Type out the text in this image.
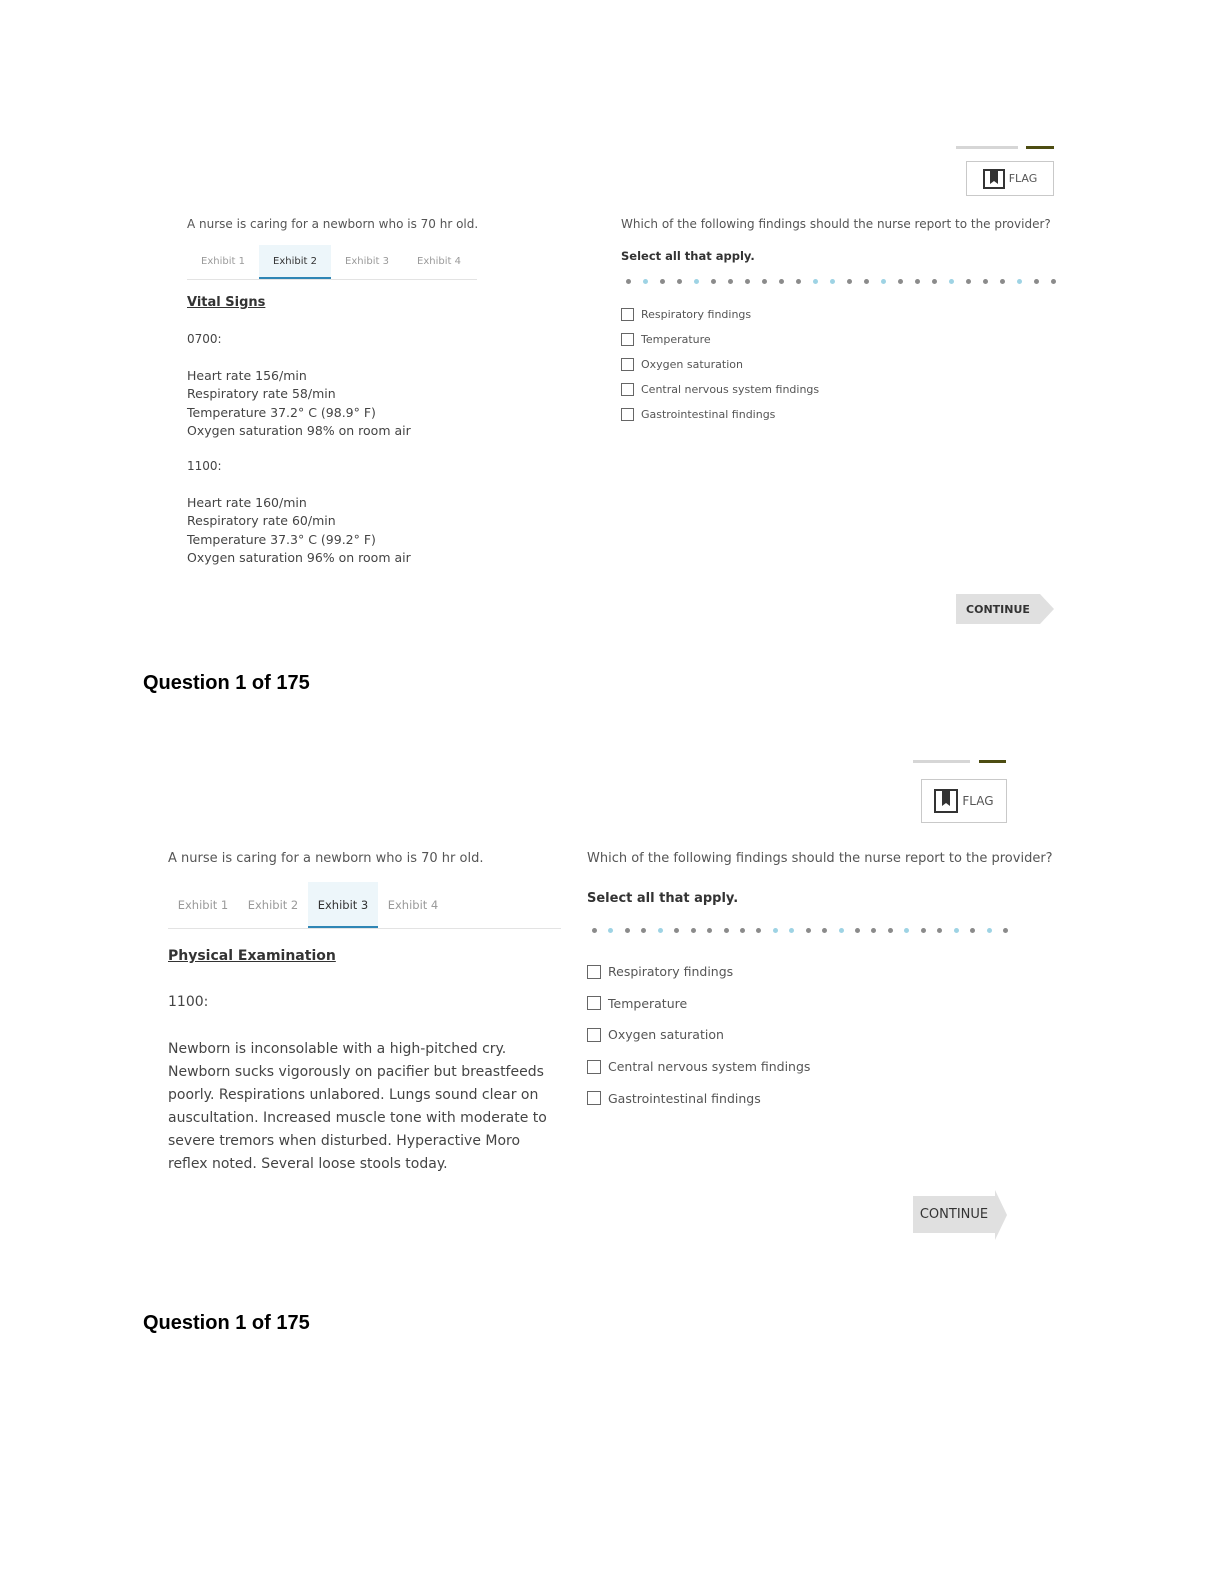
FLAG
A nurse is caring for a newborn who is 70 hr old.
Exhibit 1	Exhibit 2	Exhibit 3	Exhibit 4
Vital Signs
0700:
Heart rate 156/min
Respiratory rate 58/min
Temperature 37.2° C (98.9° F)
Oxygen saturation 98% on room air
1100:
Heart rate 160/min
Respiratory rate 60/min
Temperature 37.3° C (99.2° F)
Oxygen saturation 96% on room air
Which of the following findings should the nurse report to the provider?
Select all that apply.
Respiratory findings
Temperature
Oxygen saturation
Central nervous system findings
Gastrointestinal findings
CONTINUE
Question 1 of 175
FLAG
A nurse is caring for a newborn who is 70 hr old.
Exhibit 1	Exhibit 2	Exhibit 3	Exhibit 4
Physical Examination
1100:
Newborn is inconsolable with a high-pitched cry. Newborn sucks vigorously on pacifier but breastfeeds poorly. Respirations unlabored. Lungs sound clear on auscultation. Increased muscle tone with moderate to severe tremors when disturbed. Hyperactive Moro reflex noted. Several loose stools today.
Which of the following findings should the nurse report to the provider?
Select all that apply.
Respiratory findings
Temperature
Oxygen saturation
Central nervous system findings
Gastrointestinal findings
CONTINUE
Question 1 of 175
